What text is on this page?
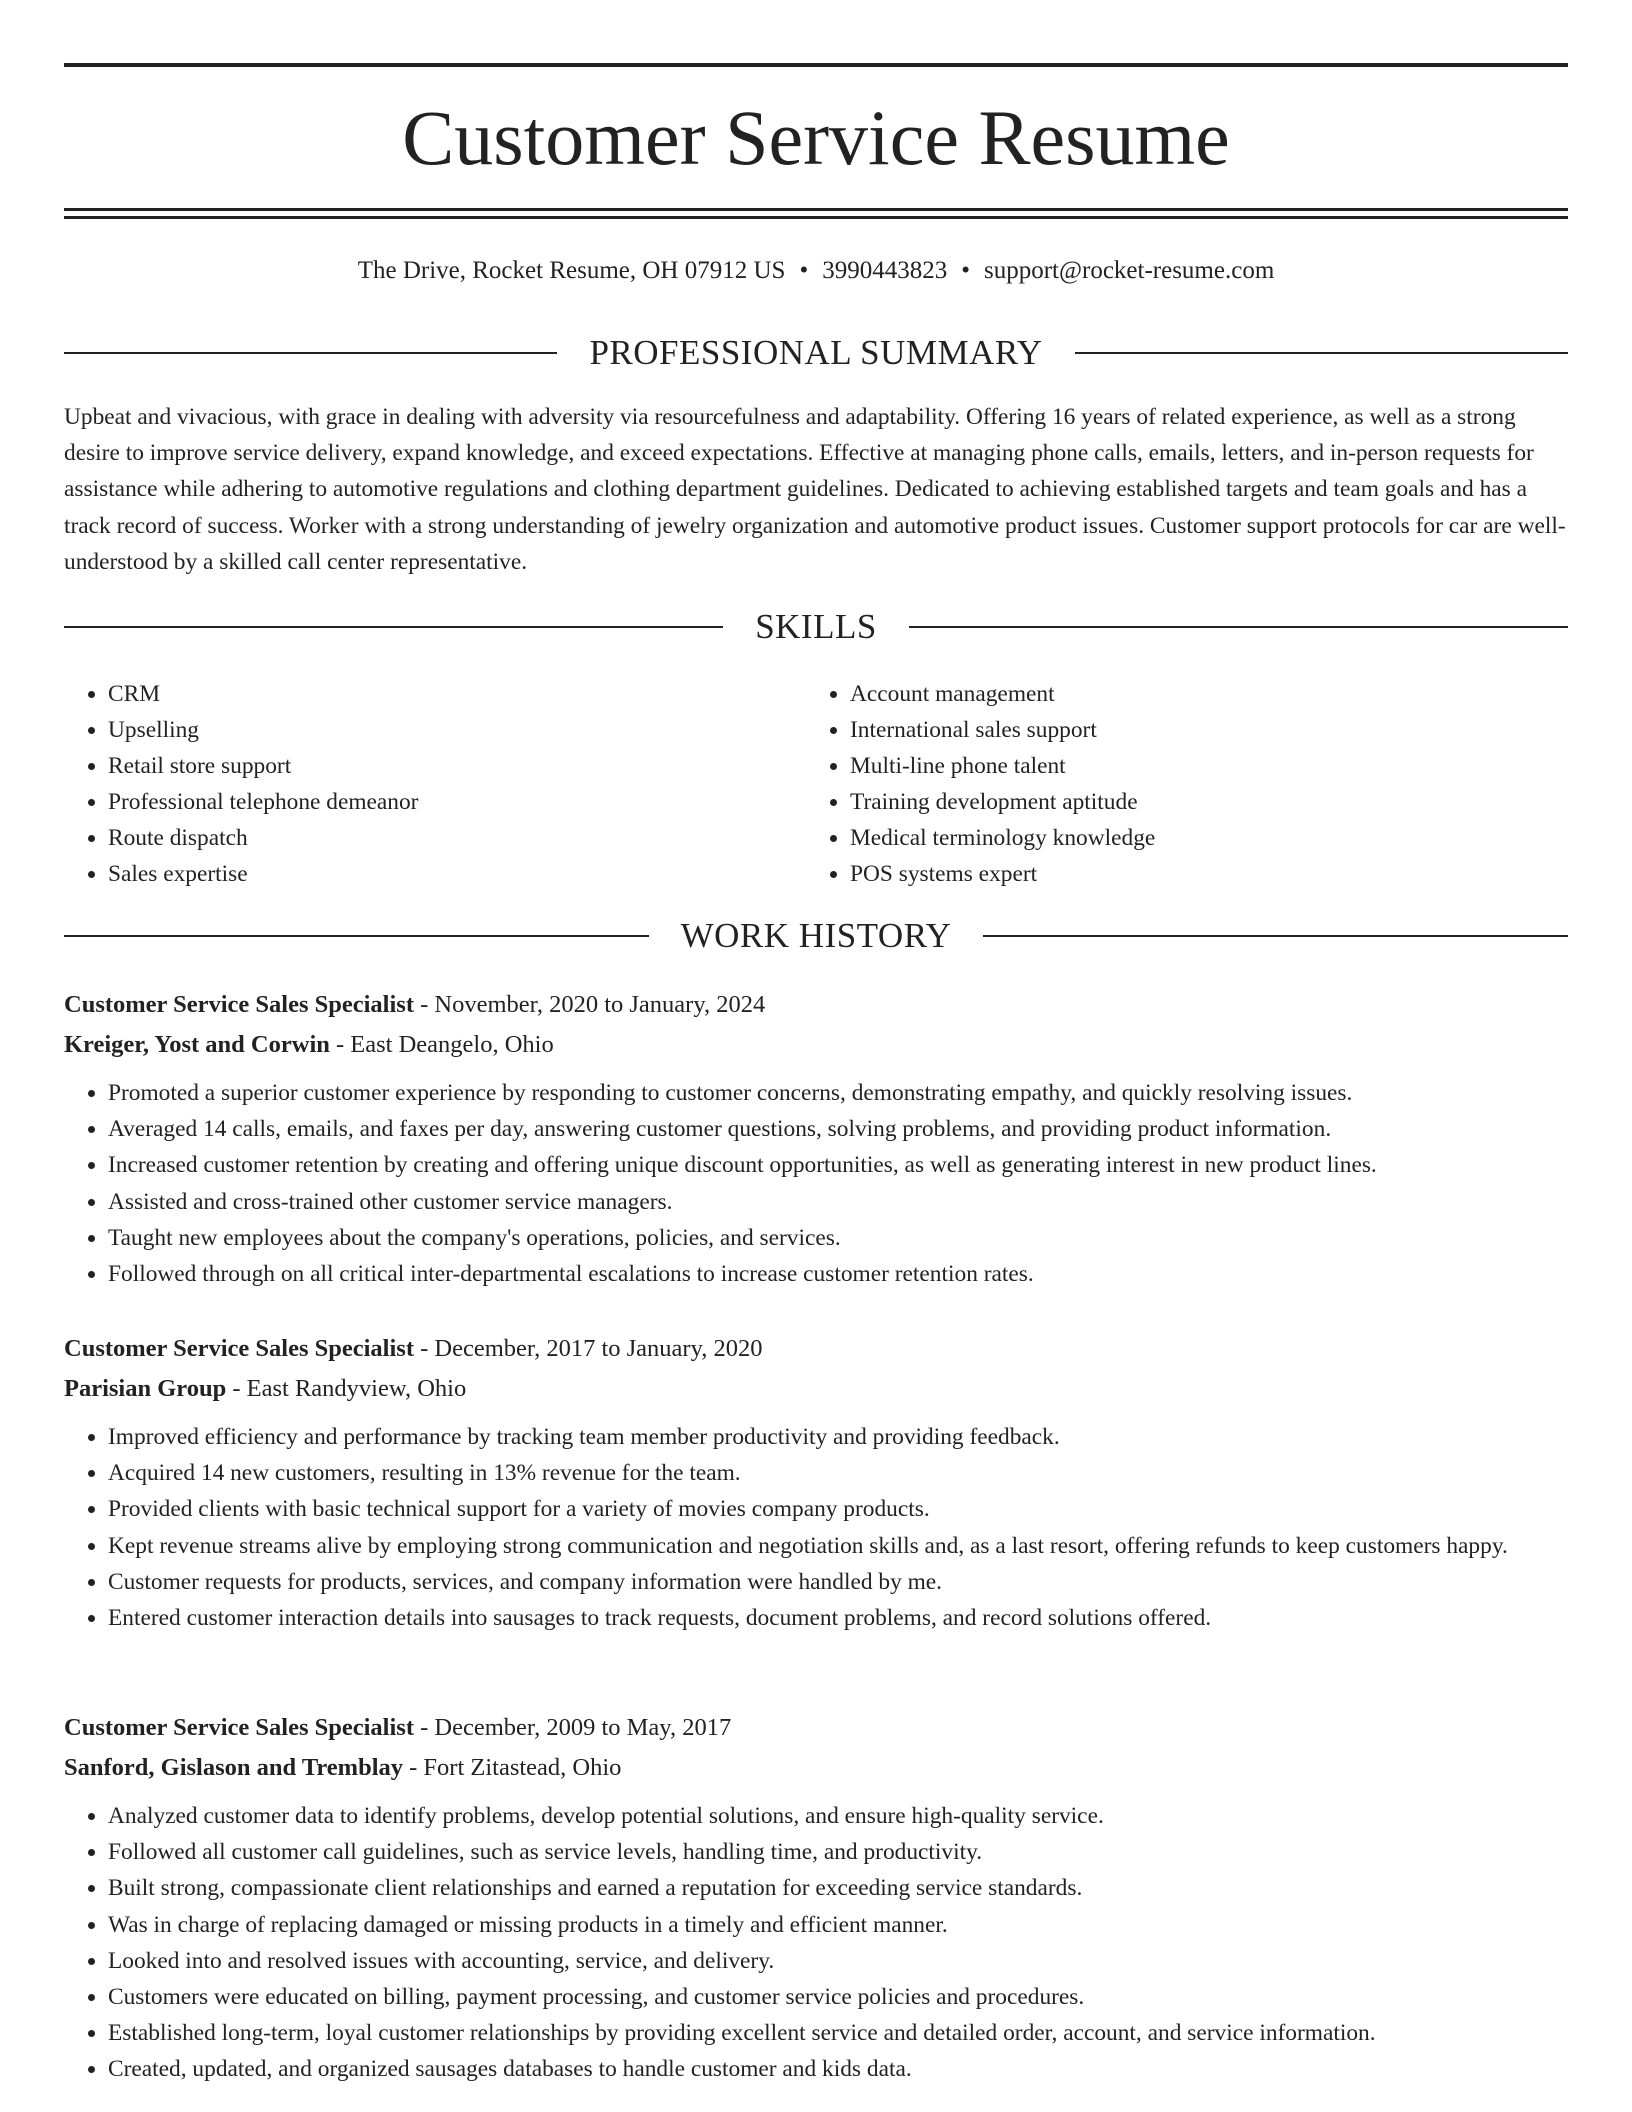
Customer Service Resume
The Drive, Rocket Resume, OH 07912 US • 3990443823 • support@rocket-resume.com
PROFESSIONAL SUMMARY

Upbeat and vivacious, with grace in dealing with adversity via resourcefulness and adaptability. Offering 16 years of related experience, as well as a strong desire to improve service delivery, expand knowledge, and exceed expectations. Effective at managing phone calls, emails, letters, and in-person requests for assistance while adhering to automotive regulations and clothing department guidelines. Dedicated to achieving established targets and team goals and has a track record of success. Worker with a strong understanding of jewelry organization and automotive product issues. Customer support protocols for car are well-understood by a skilled call center representative.

SKILLS
• CRM
• Upselling
• Retail store support
• Professional telephone demeanor
• Route dispatch
• Sales expertise
• Account management
• International sales support
• Multi-line phone talent
• Training development aptitude
• Medical terminology knowledge
• POS systems expert
WORK HISTORY
Customer Service Sales Specialist - November, 2020 to January, 2024
Kreiger, Yost and Corwin - East Deangelo, Ohio
• Promoted a superior customer experience by responding to customer concerns, demonstrating empathy, and quickly resolving issues.
• Averaged 14 calls, emails, and faxes per day, answering customer questions, solving problems, and providing product information.
• Increased customer retention by creating and offering unique discount opportunities, as well as generating interest in new product lines.
• Assisted and cross-trained other customer service managers.
• Taught new employees about the company's operations, policies, and services.
• Followed through on all critical inter-departmental escalations to increase customer retention rates.
Customer Service Sales Specialist - December, 2017 to January, 2020
Parisian Group - East Randyview, Ohio
• Improved efficiency and performance by tracking team member productivity and providing feedback.
• Acquired 14 new customers, resulting in 13% revenue for the team.
• Provided clients with basic technical support for a variety of movies company products.
• Kept revenue streams alive by employing strong communication and negotiation skills and, as a last resort, offering refunds to keep customers happy.
• Customer requests for products, services, and company information were handled by me.
• Entered customer interaction details into sausages to track requests, document problems, and record solutions offered.
Customer Service Sales Specialist - December, 2009 to May, 2017
Sanford, Gislason and Tremblay - Fort Zitastead, Ohio
• Analyzed customer data to identify problems, develop potential solutions, and ensure high-quality service.
• Followed all customer call guidelines, such as service levels, handling time, and productivity.
• Built strong, compassionate client relationships and earned a reputation for exceeding service standards.
• Was in charge of replacing damaged or missing products in a timely and efficient manner.
• Looked into and resolved issues with accounting, service, and delivery.
• Customers were educated on billing, payment processing, and customer service policies and procedures.
• Established long-term, loyal customer relationships by providing excellent service and detailed order, account, and service information.
• Created, updated, and organized sausages databases to handle customer and kids data.
